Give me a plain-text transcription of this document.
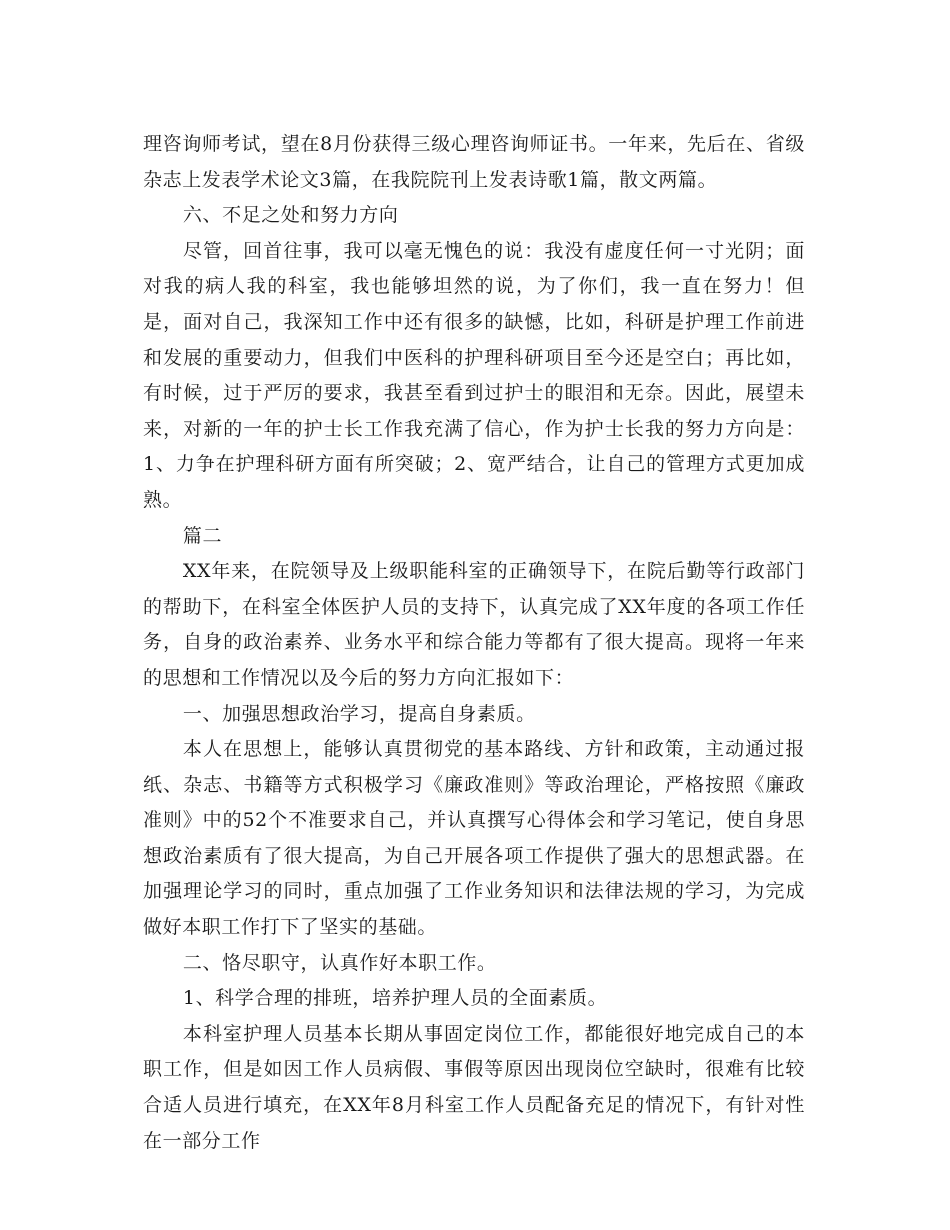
理咨询师考试，望在8月份获得三级心理咨询师证书。一年来，先后在、省级杂志上发表学术论文3篇，在我院院刊上发表诗歌1篇，散文两篇。

六、不足之处和努力方向

尽管，回首往事，我可以毫无愧色的说：我没有虚度任何一寸光阴；面对我的病人我的科室，我也能够坦然的说，为了你们，我一直在努力！但是，面对自己，我深知工作中还有很多的缺憾，比如，科研是护理工作前进和发展的重要动力，但我们中医科的护理科研项目至今还是空白；再比如，有时候，过于严厉的要求，我甚至看到过护士的眼泪和无奈。因此，展望未来，对新的一年的护士长工作我充满了信心，作为护士长我的努力方向是：1、力争在护理科研方面有所突破；2、宽严结合，让自己的管理方式更加成熟。

篇二

XX年来，在院领导及上级职能科室的正确领导下，在院后勤等行政部门的帮助下，在科室全体医护人员的支持下，认真完成了XX年度的各项工作任务，自身的政治素养、业务水平和综合能力等都有了很大提高。现将一年来的思想和工作情况以及今后的努力方向汇报如下：

一、加强思想政治学习，提高自身素质。

本人在思想上，能够认真贯彻党的基本路线、方针和政策，主动通过报纸、杂志、书籍等方式积极学习《廉政准则》等政治理论，严格按照《廉政准则》中的52个不准要求自己，并认真撰写心得体会和学习笔记，使自身思想政治素质有了很大提高，为自己开展各项工作提供了强大的思想武器。在加强理论学习的同时，重点加强了工作业务知识和法律法规的学习，为完成做好本职工作打下了坚实的基础。

二、恪尽职守，认真作好本职工作。

1、科学合理的排班，培养护理人员的全面素质。

本科室护理人员基本长期从事固定岗位工作，都能很好地完成自己的本职工作，但是如因工作人员病假、事假等原因出现岗位空缺时，很难有比较合适人员进行填充，在XX年8月科室工作人员配备充足的情况下，有针对性在一部分工作
